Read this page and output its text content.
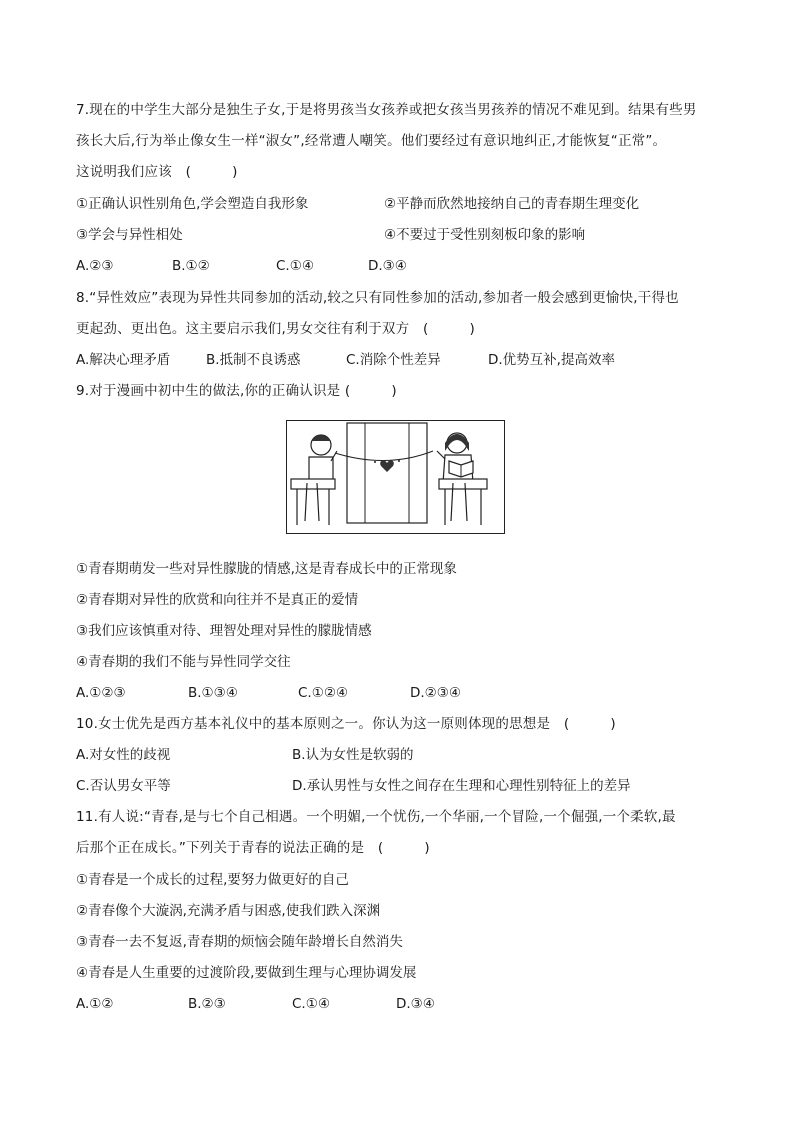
7.现在的中学生大部分是独生子女,于是将男孩当女孩养或把女孩当男孩养的情况不难见到。结果有些男
孩长大后,行为举止像女生一样“淑女”,经常遭人嘲笑。他们要经过有意识地纠正,才能恢复“正常”。
这说明我们应该　(　　　)
①正确认识性别角色,学会塑造自我形象	②平静而欣然地接纳自己的青春期生理变化
③学会与异性相处	④不要过于受性别刻板印象的影响
A.②③	B.①②	C.①④	D.③④
8.“异性效应”表现为异性共同参加的活动,较之只有同性参加的活动,参加者一般会感到更愉快,干得也
更起劲、更出色。这主要启示我们,男女交往有利于双方　(　　　)
A.解决心理矛盾	B.抵制不良诱惑	C.消除个性差异	D.优势互补,提高效率
9.对于漫画中初中生的做法,你的正确认识是 (　　　)
①青春期萌发一些对异性朦胧的情感,这是青春成长中的正常现象
②青春期对异性的欣赏和向往并不是真正的爱情
③我们应该慎重对待、理智处理对异性的朦胧情感
④青春期的我们不能与异性同学交往
A.①②③	B.①③④	C.①②④	D.②③④
10.女士优先是西方基本礼仪中的基本原则之一。你认为这一原则体现的思想是　(　　　)
A.对女性的歧视	B.认为女性是软弱的
C.否认男女平等	D.承认男性与女性之间存在生理和心理性别特征上的差异
11.有人说:“青春,是与七个自己相遇。一个明媚,一个忧伤,一个华丽,一个冒险,一个倔强,一个柔软,最
后那个正在成长。”下列关于青春的说法正确的是　(　　　)
①青春是一个成长的过程,要努力做更好的自己
②青春像个大漩涡,充满矛盾与困惑,使我们跌入深渊
③青春一去不复返,青春期的烦恼会随年龄增长自然消失
④青春是人生重要的过渡阶段,要做到生理与心理协调发展
A.①②	B.②③	C.①④	D.③④
